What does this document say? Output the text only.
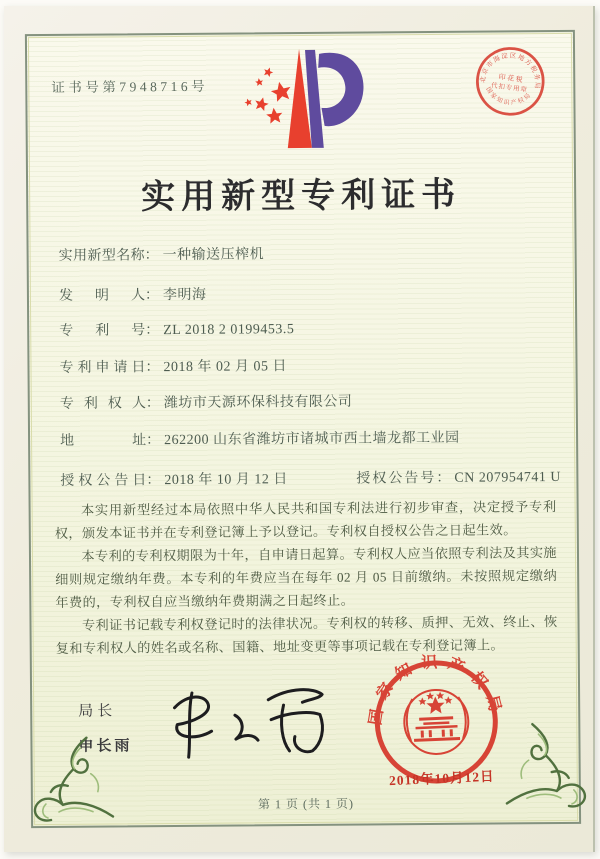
证书号第7948716号
实用新型专利证书
北京市海淀区地方税务局
国家知识产权局
印 花 税
代扣专用章
实用新型名称： 一种输送压榨机
发明人： 李明海
专利号： ZL 2018 2 0199453.5
专利申请日： 2018 年 02 月 05 日
专利权人： 潍坊市天源环保科技有限公司
地址： 262200 山东省潍坊市诸城市西土墙龙都工业园
授权公告日： 2018 年 10 月 12 日	授权公告号： CN 207954741 U

本实用新型经过本局依照中华人民共和国专利法进行初步审查，决定授予专利权，颁发本证书并在专利登记簿上予以登记。专利权自授权公告之日起生效。

本专利的专利权期限为十年，自申请日起算。专利权人应当依照专利法及其实施细则规定缴纳年费。本专利的年费应当在每年 02 月 05 日前缴纳。未按照规定缴纳年费的，专利权自应当缴纳年费期满之日起终止。

专利证书记载专利权登记时的法律状况。专利权的转移、质押、无效、终止、恢复和专利权人的姓名或名称、国籍、地址变更等事项记载在专利登记簿上。

局长
申长雨
国家知识产权局
2018年10月12日
第 1 页 (共 1 页)
